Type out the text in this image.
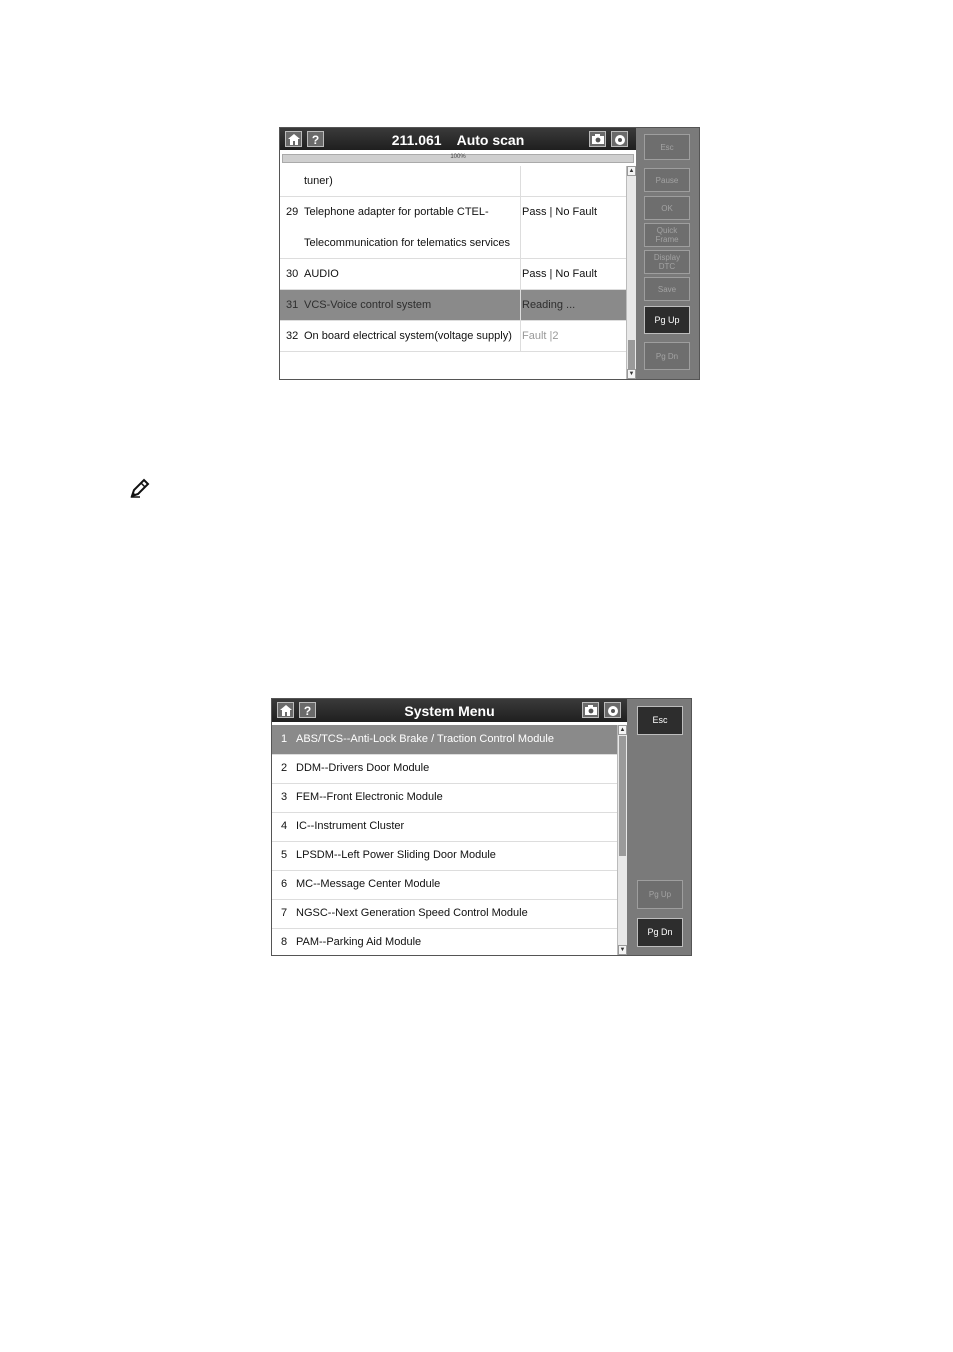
?	211.061    Auto scan
100%
tuner)
29 Telephone adapter for portable CTEL-
Telecommunication for telematics services
Pass | No Fault
30 AUDIO	Pass | No Fault
31 VCS-Voice control system	Reading ...
32 On board electrical system(voltage supply) Fault |2
▲
▼
Esc
Pause
OK
Quick Frame
Display DTC
Save
Pg Up
Pg Dn
?	System Menu
1 ABS/TCS--Anti-Lock Brake / Traction Control Module
2 DDM--Drivers Door Module
3 FEM--Front Electronic Module
4 IC--Instrument Cluster
5 LPSDM--Left Power Sliding Door Module
6 MC--Message Center Module
7 NGSC--Next Generation Speed Control Module
8 PAM--Parking Aid Module
▲
▼
Esc
Pg Up
Pg Dn
